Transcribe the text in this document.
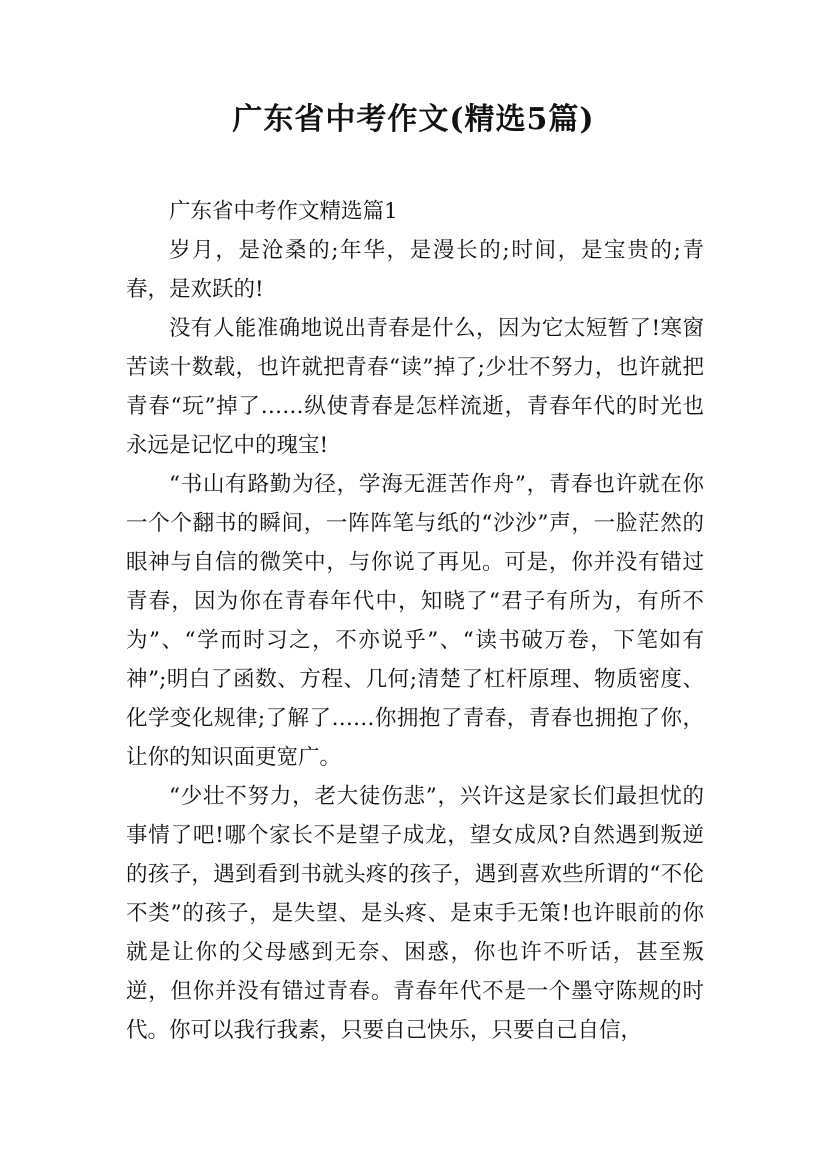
广东省中考作文(精选5篇)

广东省中考作文精选篇1

岁月，是沧桑的;年华，是漫长的;时间，是宝贵的;青春，是欢跃的!

没有人能准确地说出青春是什么，因为它太短暂了!寒窗苦读十数载，也许就把青春“读”掉了;少壮不努力，也许就把青春“玩”掉了……纵使青春是怎样流逝，青春年代的时光也永远是记忆中的瑰宝!

“书山有路勤为径，学海无涯苦作舟”，青春也许就在你一个个翻书的瞬间，一阵阵笔与纸的“沙沙”声，一脸茫然的眼神与自信的微笑中，与你说了再见。可是，你并没有错过青春，因为你在青春年代中，知晓了“君子有所为，有所不为”、“学而时习之，不亦说乎”、“读书破万卷，下笔如有神”;明白了函数、方程、几何;清楚了杠杆原理、物质密度、化学变化规律;了解了……你拥抱了青春，青春也拥抱了你，让你的知识面更宽广。

“少壮不努力，老大徒伤悲”，兴许这是家长们最担忧的事情了吧!哪个家长不是望子成龙，望女成凤?自然遇到叛逆的孩子，遇到看到书就头疼的孩子，遇到喜欢些所谓的“不伦不类”的孩子，是失望、是头疼、是束手无策!也许眼前的你就是让你的父母感到无奈、困惑，你也许不听话，甚至叛逆，但你并没有错过青春。青春年代不是一个墨守陈规的时代。你可以我行我素，只要自己快乐，只要自己自信，
